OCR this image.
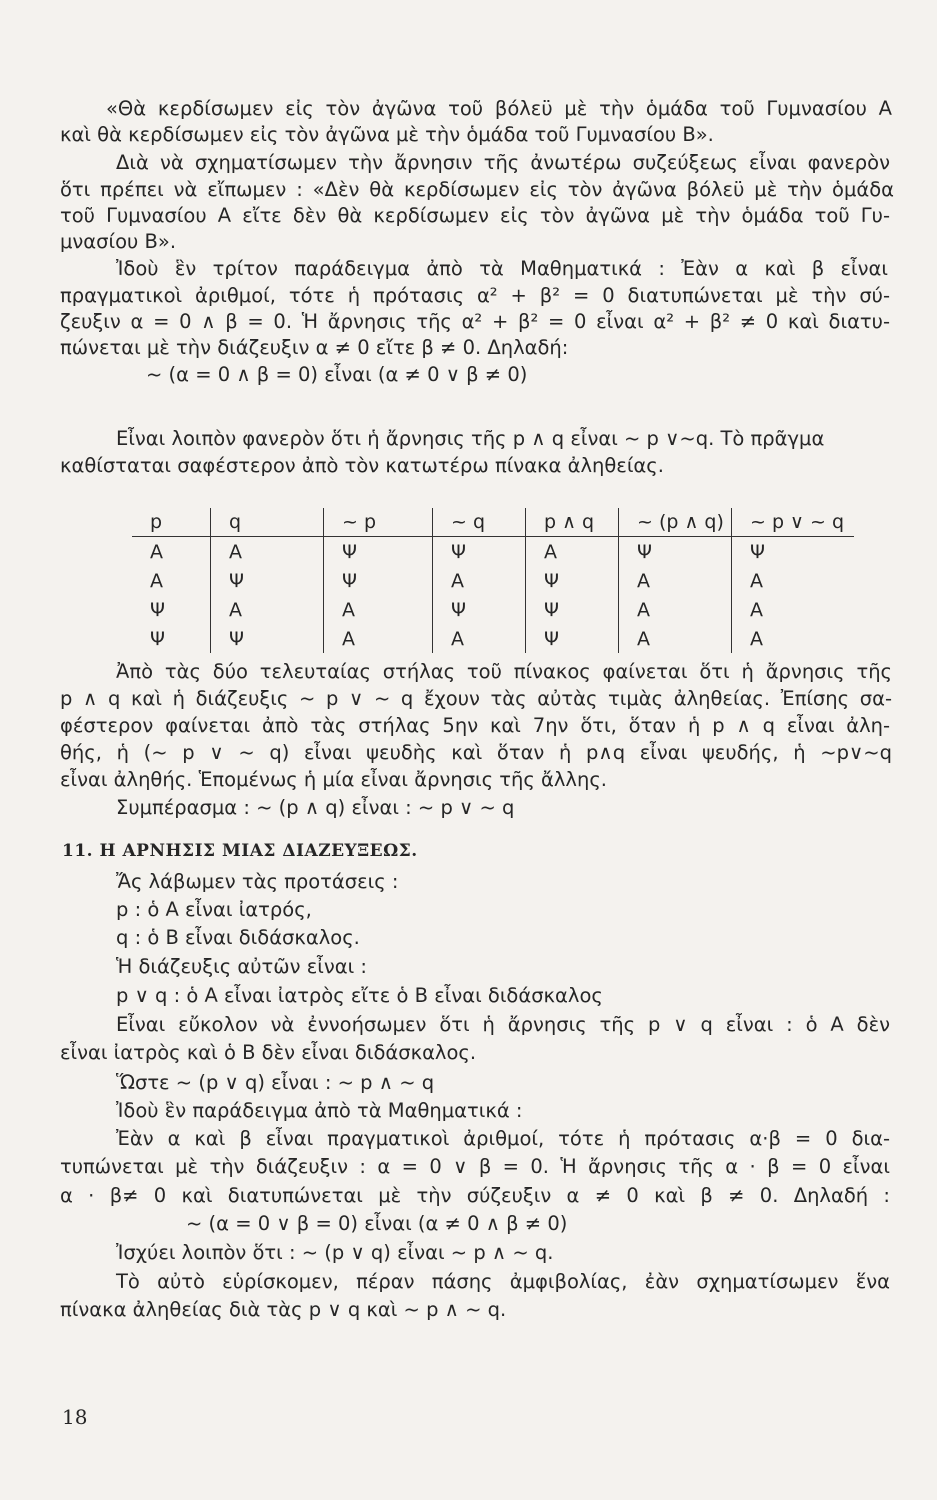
«Θὰ κερδίσωμεν εἰς τὸν ἀγῶνα τοῦ βόλεϋ μὲ τὴν ὁμάδα τοῦ Γυμνασίου Α
καὶ θὰ κερδίσωμεν εἰς τὸν ἀγῶνα μὲ τὴν ὁμάδα τοῦ Γυμνασίου Β».
Διὰ νὰ σχηματίσωμεν τὴν ἄρνησιν τῆς ἀνωτέρω συζεύξεως εἶναι φανερὸν
ὅτι πρέπει νὰ εἴπωμεν : «Δὲν θὰ κερδίσωμεν εἰς τὸν ἀγῶνα βόλεϋ μὲ τὴν ὁμάδα
τοῦ Γυμνασίου Α εἴτε δὲν θὰ κερδίσωμεν εἰς τὸν ἀγῶνα μὲ τὴν ὁμάδα τοῦ Γυ-
μνασίου Β».
Ἰδοὺ ἓν τρίτον παράδειγμα ἀπὸ τὰ Μαθηματικά : Ἐὰν α καὶ β εἶναι
πραγματικοὶ ἀριθμοί, τότε ἡ πρότασις α² + β² = 0 διατυπώνεται μὲ τὴν σύ-
ζευξιν α = 0 ∧ β = 0. Ἡ ἄρνησις τῆς α² + β² = 0 εἶναι α² + β² ≠ 0 καὶ διατυ-
πώνεται μὲ τὴν διάζευξιν α ≠ 0 εἴτε β ≠ 0. Δηλαδή:
~ (α = 0 ∧ β = 0) εἶναι (α ≠ 0 ∨ β ≠ 0)
Εἶναι λοιπὸν φανερὸν ὅτι ἡ ἄρνησις τῆς p ∧ q εἶναι ~ p ∨~q. Τὸ πρᾶγμα
καθίσταται σαφέστερον ἀπὸ τὸν κατωτέρω πίνακα ἀληθείας.
p	q	~ p	~ q	p ∧ q	~ (p ∧ q)	~ p ∨ ~ q
Α	Α	Ψ	Ψ	Α	Ψ	Ψ
Α	Ψ	Ψ	Α	Ψ	Α	Α
Ψ	Α	Α	Ψ	Ψ	Α	Α
Ψ	Ψ	Α	Α	Ψ	Α	Α
Ἀπὸ τὰς δύο τελευταίας στήλας τοῦ πίνακος φαίνεται ὅτι ἡ ἄρνησις τῆς
p ∧ q καὶ ἡ διάζευξις ~ p ∨ ~ q ἔχουν τὰς αὐτὰς τιμὰς ἀληθείας. Ἐπίσης σα-
φέστερον φαίνεται ἀπὸ τὰς στήλας 5ην καὶ 7ην ὅτι, ὅταν ἡ p ∧ q εἶναι ἀλη-
θής, ἡ (~ p ∨ ~ q) εἶναι ψευδὴς καὶ ὅταν ἡ p∧q εἶναι ψευδής, ἡ ~p∨~q
εἶναι ἀληθής. Ἑπομένως ἡ μία εἶναι ἄρνησις τῆς ἄλλης.
Συμπέρασμα : ~ (p ∧ q) εἶναι : ~ p ∨ ~ q
11. Η ΑΡΝΗΣΙΣ ΜΙΑΣ ΔΙΑΖΕΥΞΕΩΣ.
Ἄς λάβωμεν τὰς προτάσεις :
p : ὁ Α εἶναι ἰατρός,
q : ὁ Β εἶναι διδάσκαλος.
Ἡ διάζευξις αὐτῶν εἶναι :
p ∨ q : ὁ Α εἶναι ἰατρὸς εἴτε ὁ Β εἶναι διδάσκαλος
Εἶναι εὔκολον νὰ ἐννοήσωμεν ὅτι ἡ ἄρνησις τῆς p ∨ q εἶναι : ὁ Α δὲν
εἶναι ἰατρὸς καὶ ὁ Β δὲν εἶναι διδάσκαλος.
Ὥστε ~ (p ∨ q) εἶναι : ~ p ∧ ~ q
Ἰδοὺ ἓν παράδειγμα ἀπὸ τὰ Μαθηματικά :
Ἐὰν α καὶ β εἶναι πραγματικοὶ ἀριθμοί, τότε ἡ πρότασις α·β = 0 δια-
τυπώνεται μὲ τὴν διάζευξιν : α = 0 ∨ β = 0. Ἡ ἄρνησις τῆς α · β = 0 εἶναι
α · β≠ 0 καὶ διατυπώνεται μὲ τὴν σύζευξιν α ≠ 0 καὶ β ≠ 0. Δηλαδή :
~ (α = 0 ∨ β = 0) εἶναι (α ≠ 0 ∧ β ≠ 0)
Ἰσχύει λοιπὸν ὅτι : ~ (p ∨ q) εἶναι ~ p ∧ ~ q.
Τὸ αὐτὸ εὑρίσκομεν, πέραν πάσης ἀμφιβολίας, ἐὰν σχηματίσωμεν ἕνα
πίνακα ἀληθείας διὰ τὰς p ∨ q καὶ ~ p ∧ ~ q.
18
